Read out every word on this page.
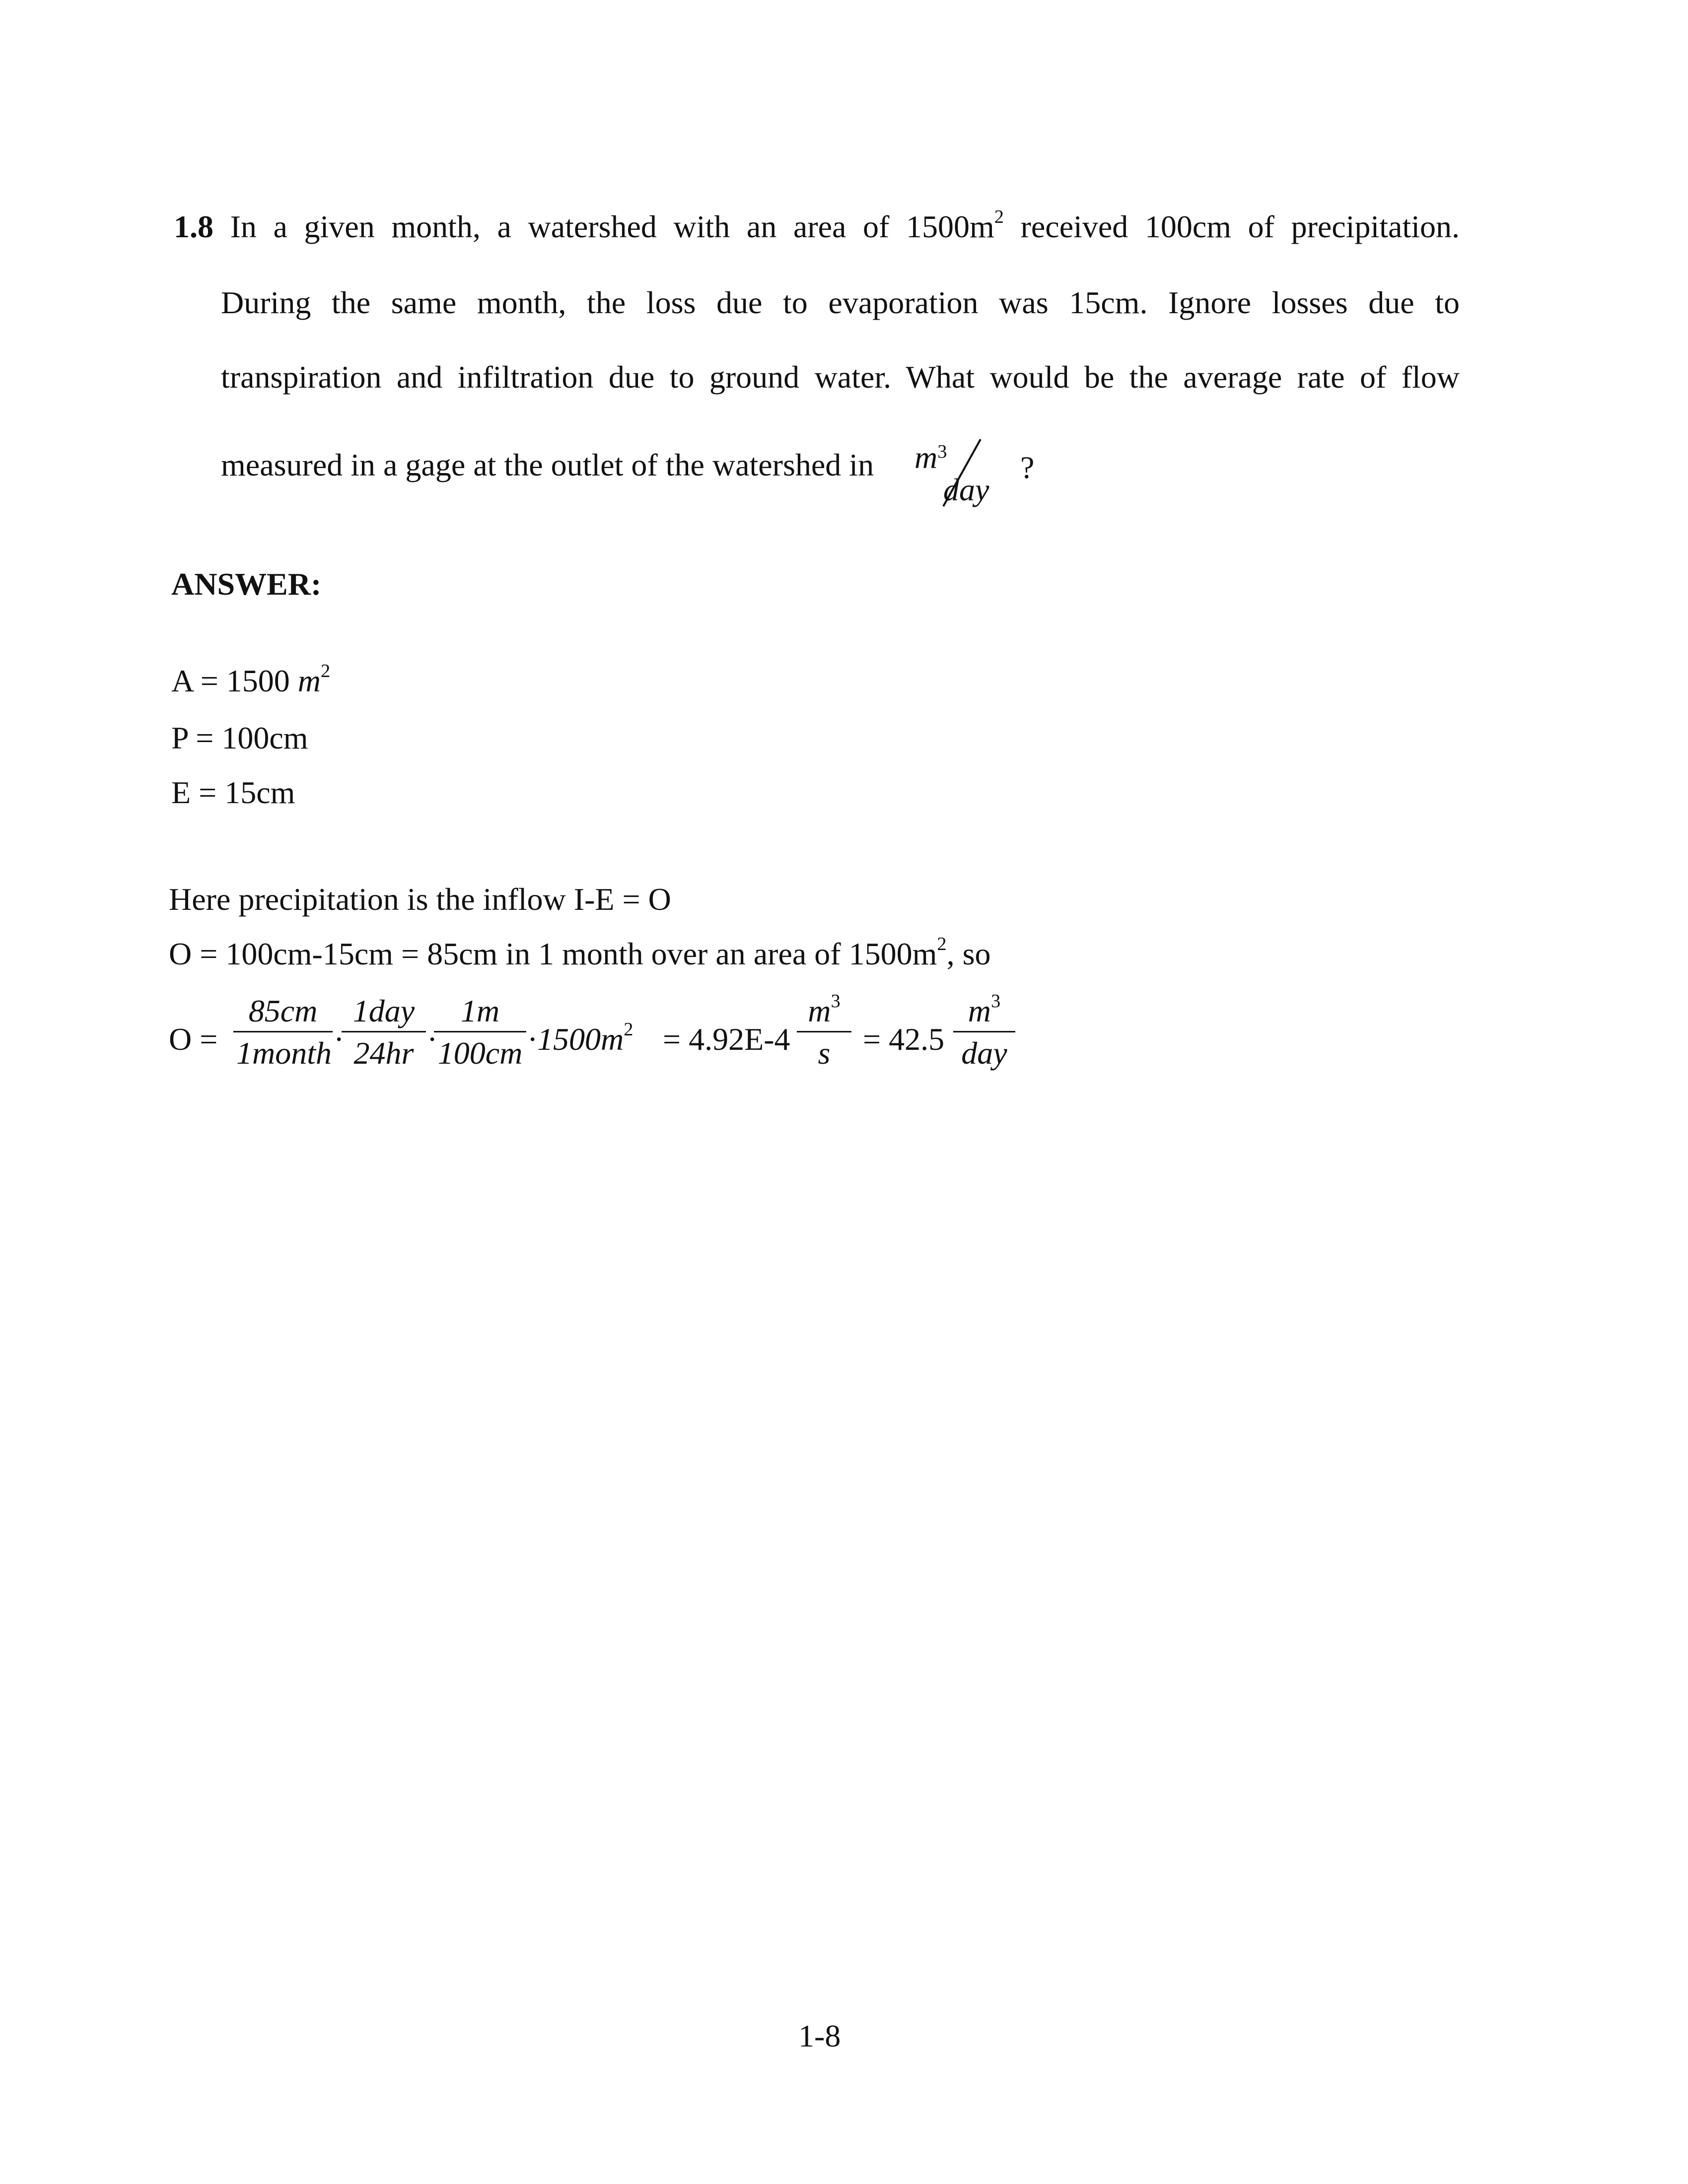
1.8 In a given month, a watershed with an area of $1500m^2$ received 100cm of precipitation.
During the same month, the loss due to evaporation was 15cm. Ignore losses due to
transpiration and infiltration due to ground water. What would be the average rate of flow
measured in a gage at the outlet of the watershed in $m^3$
day
?
ANSWER:
A = 1500 $m^2$
P = 100cm
E = 15cm
Here precipitation is the inflow I-E = O
O = 100cm-15cm = 85cm in 1 month over an area of $1500m^2$, so
O =
85cm
1month ·
1day
24hr ·
$\frac{1m}{100cm}$ ·
$1500m^2 = 4.92E-4 \frac{m^3}{s} = 42.5$
$m^3$
day
1-8
